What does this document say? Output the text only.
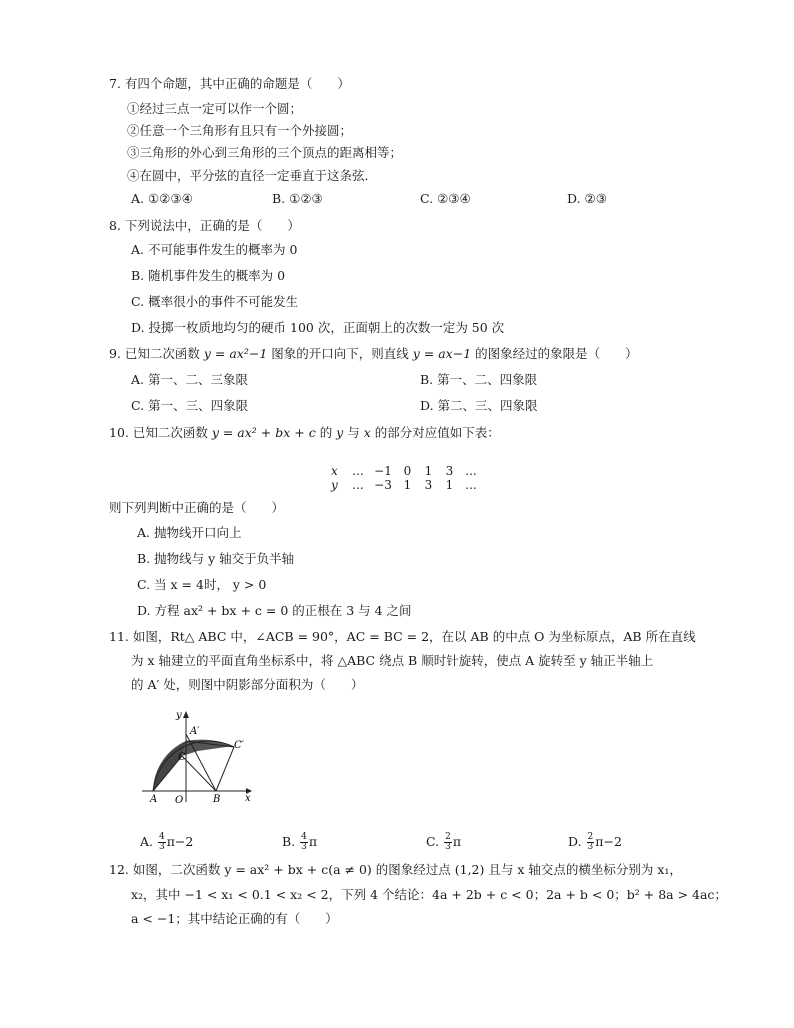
7. 有四个命题，其中正确的命题是（　　）
①经过三点一定可以作一个圆；
②任意一个三角形有且只有一个外接圆；
③三角形的外心到三角形的三个顶点的距离相等；
④在圆中，平分弦的直径一定垂直于这条弦．
A. ①②③④	B. ①②③	C. ②③④	D. ②③
8. 下列说法中，正确的是（　　）
A. 不可能事件发生的概率为 0
B. 随机事件发生的概率为 0
C. 概率很小的事件不可能发生
D. 投掷一枚质地均匀的硬币 100 次，正面朝上的次数一定为 50 次
9. 已知二次函数 y = ax²−1 图象的开口向下，则直线 y = ax−1 的图象经过的象限是（　　）
A. 第一、二、三象限	B. 第一、二、四象限
C. 第一、三、四象限	D. 第二、三、四象限
10. 已知二次函数 y = ax² + bx + c 的 y 与 x 的部分对应值如下表：
x	... −1 0	1	3 ...
y	... −3 1	3	1 ...
则下列判断中正确的是（　　）
A. 抛物线开口向上
B. 抛物线与 y 轴交于负半轴
C. 当 x = 4时， y > 0
D. 方程 ax² + bx + c = 0 的正根在 3 与 4 之间
11. 如图，Rt△ ABC 中，∠ACB = 90°，AC = BC = 2，在以 AB 的中点 O 为坐标原点，AB 所在直线
为 x 轴建立的平面直角坐标系中，将 △ABC 绕点 B 顺时针旋转，使点 A 旋转至 y 轴正半轴上
的 A′ 处，则图中阴影部分面积为（　　）
y
x
A′
C
C′
A O	B
A. $\frac{4}{3} \pi-2$	B. $\frac{4}{3}$ π	C. $\frac{2}{3}$ π	D. $\frac{2}{3} \pi-2$
12. 如图，二次函数 y = ax² + bx + c(a ≠ 0) 的图象经过点 (1,2) 且与 x 轴交点的横坐标分别为 x₁，
x₂，其中 −1 < x₁ < 0.1 < x₂ < 2，下列 4 个结论：4a + 2b + c < 0；2a + b < 0；b² + 8a > 4ac；
a < −1；其中结论正确的有（　　）
